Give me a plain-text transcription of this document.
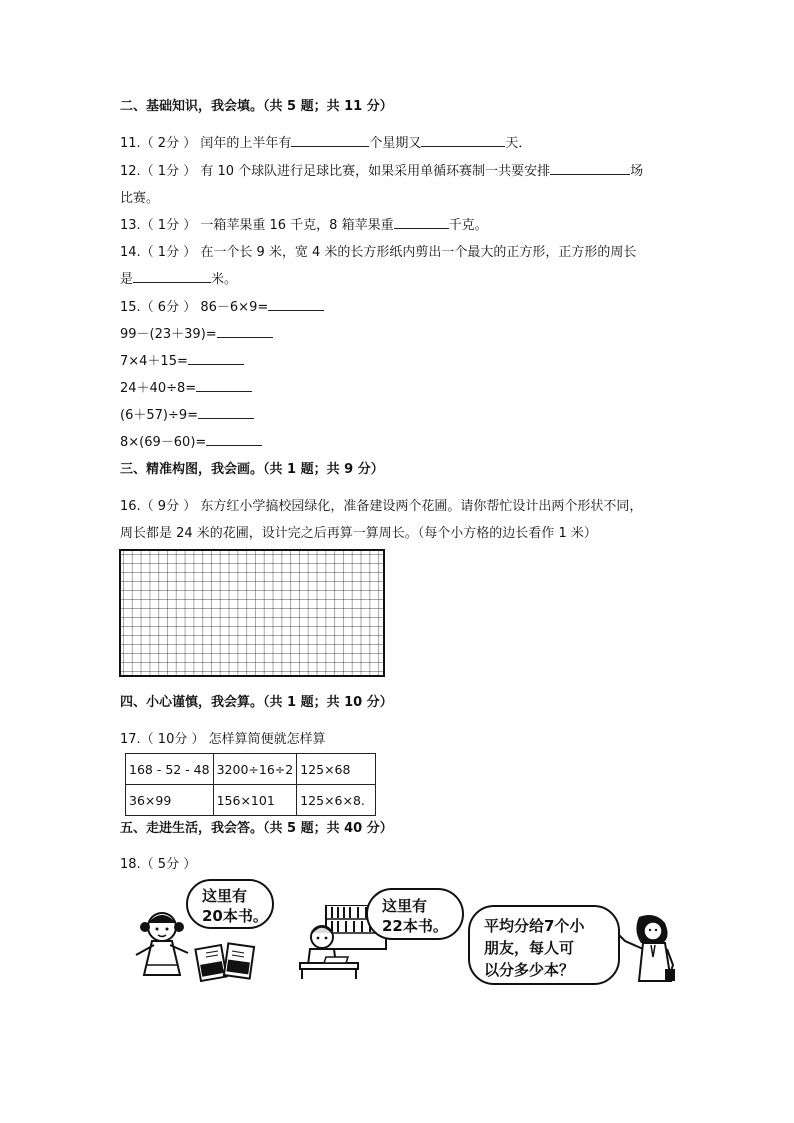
二、基础知识，我会填。（共 5 题；共 11 分）
11.（ 2分 ） 闰年的上半年有	个星期又	天．
12.（ 1分 ） 有 10 个球队进行足球比赛，如果采用单循环赛制一共要安排	场
比赛。
13.（ 1分 ） 一箱苹果重 16 千克，8 箱苹果重	千克。
14.（ 1分 ） 在一个长 9 米，宽 4 米的长方形纸内剪出一个最大的正方形，正方形的周长
是	米。
15.（ 6分 ） 86－6×9=
99－(23＋39)=
7×4＋15=
24＋40÷8=
(6＋57)÷9=
8×(69－60)=
三、精准构图，我会画。（共 1 题；共 9 分）
16.（ 9分 ） 东方红小学搞校园绿化，准备建设两个花圃。请你帮忙设计出两个形状不同，
周长都是 24 米的花圃，设计完之后再算一算周长。（每个小方格的边长看作 1 米）
四、小心谨慎，我会算。（共 1 题；共 10 分）
17.（ 10分 ） 怎样算简便就怎样算
168 - 52 - 48	3200÷16÷2	125×68
36×99	156×101	125×6×8.
五、走进生活，我会答。（共 5 题；共 40 分）
18.（ 5分 ）
这里有
20本书。
这里有
22本书。	平均分给7个小
朋友，每人可
以分多少本？
